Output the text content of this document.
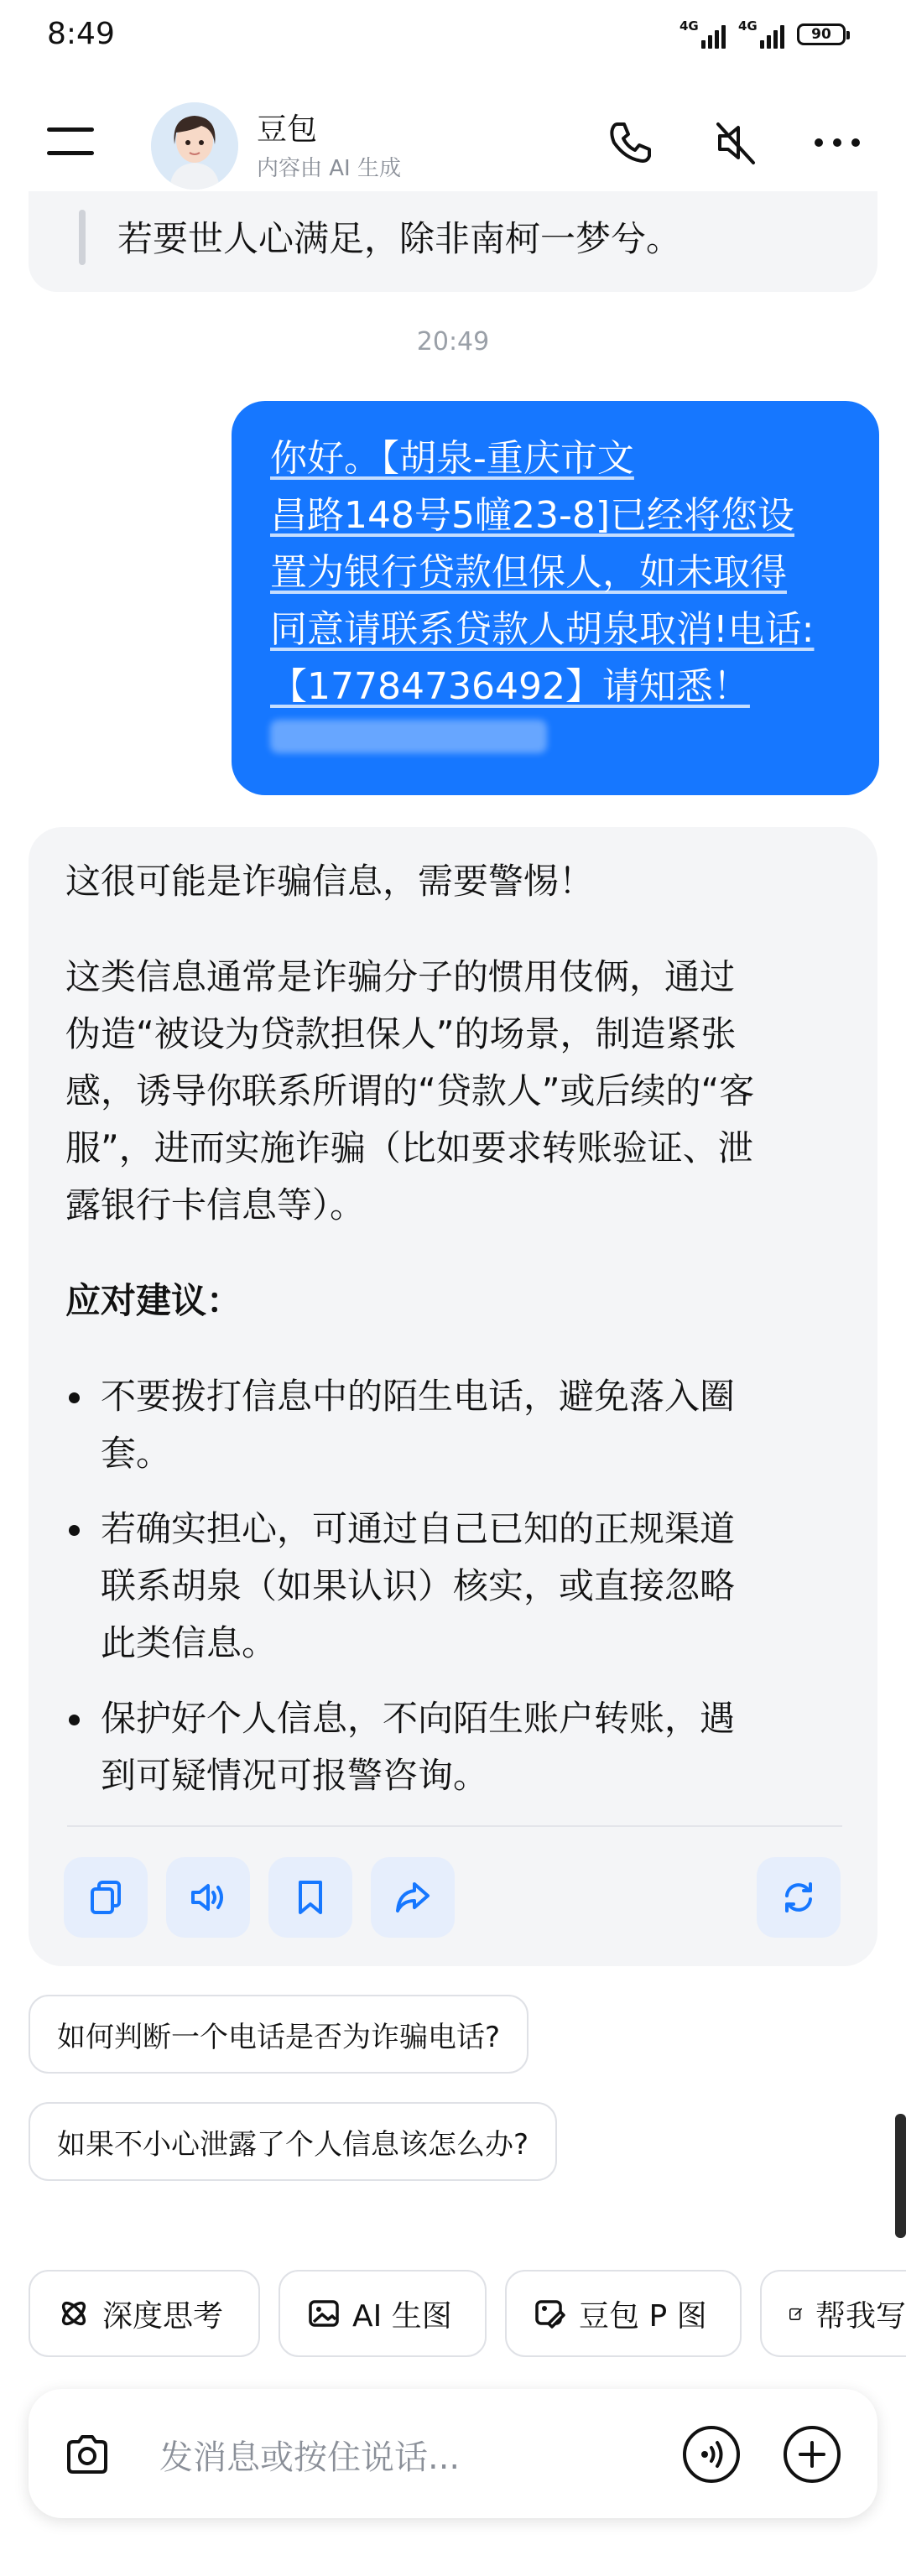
8:49	4G	4G	90
豆包
内容由 AI 生成
若要世人心满足，除非南柯一梦兮。
20:49
你好。【胡泉-重庆市文
昌路148号5幢23-8]已经将您设
置为银行贷款但保人，如未取得
同意请联系贷款人胡泉取消!电话:
【17784736492】请知悉！
这很可能是诈骗信息，需要警惕！
这类信息通常是诈骗分子的惯用伎俩，通过
伪造“被设为贷款担保人”的场景，制造紧张
感，诱导你联系所谓的“贷款人”或后续的“客
服”，进而实施诈骗（比如要求转账验证、泄
露银行卡信息等）。
应对建议：
不要拨打信息中的陌生电话，避免落入圈
套。
若确实担心，可通过自己已知的正规渠道
联系胡泉（如果认识）核实，或直接忽略
此类信息。
保护好个人信息，不向陌生账户转账，遇
到可疑情况可报警咨询。
如何判断一个电话是否为诈骗电话?
如果不小心泄露了个人信息该怎么办?
深度思考	AI 生图	豆包 P 图	帮我写
发消息或按住说话...
